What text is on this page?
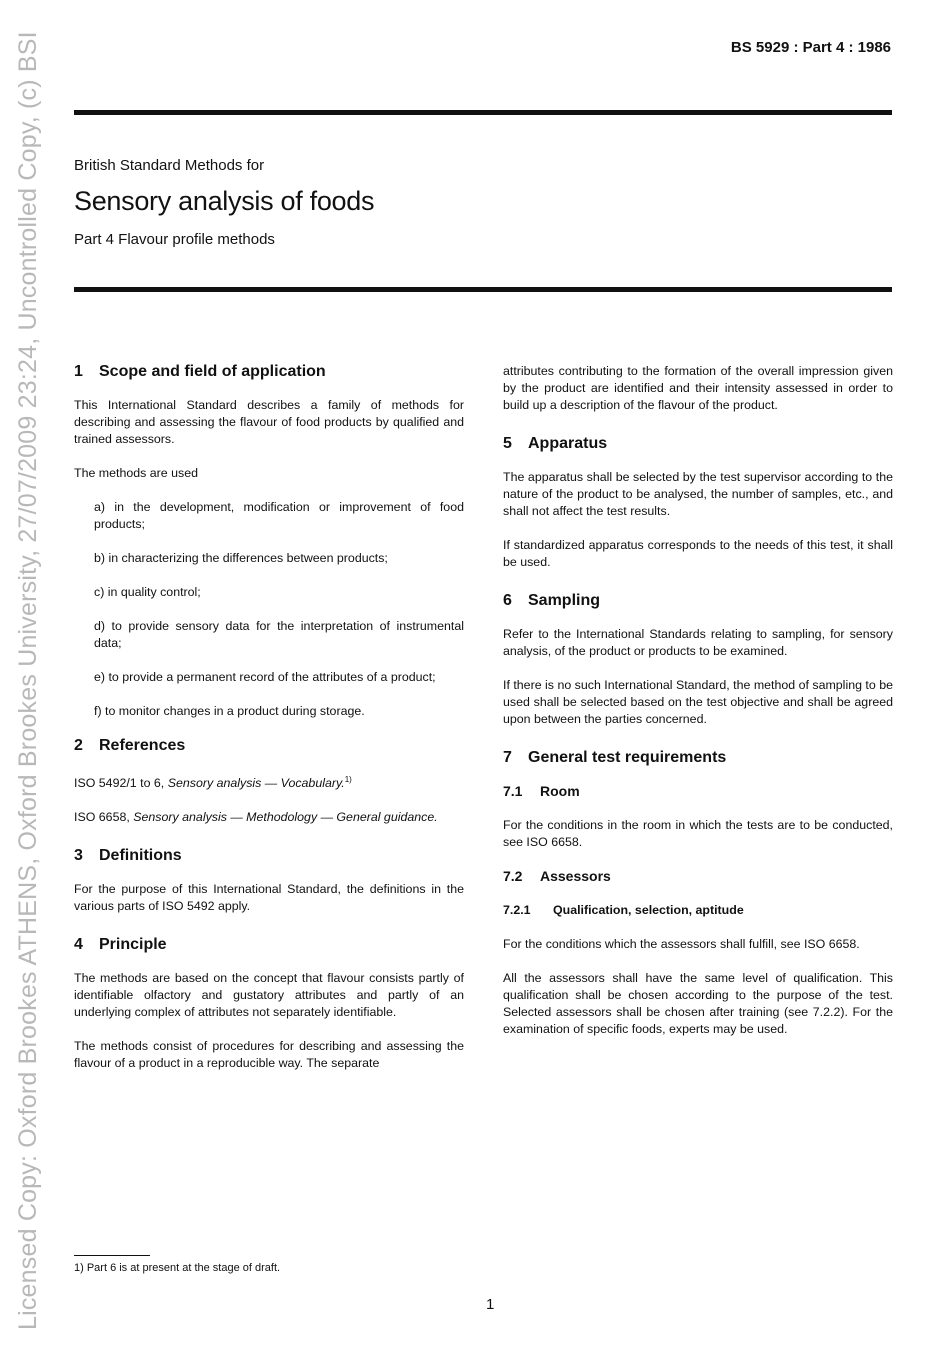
Licensed Copy: Oxford Brookes ATHENS, Oxford Brookes University, 27/07/2009 23:24, Uncontrolled Copy, (c) BSI	BS 5929 : Part 4 : 1986

British Standard Methods for

Sensory analysis of foods

Part 4 Flavour profile methods

1 Scope and field of application

This International Standard describes a family of methods for describing and assessing the flavour of food products by qualified and trained assessors.

The methods are used

a) in the development, modification or improvement of food products;
b) in characterizing the differences between products;
c) in quality control;
d) to provide sensory data for the interpretation of instrumental data;
e) to provide a permanent record of the attributes of a product;
f) to monitor changes in a product during storage.
2 References

ISO 5492/1 to 6, Sensory analysis — Vocabulary.$^{1)}$

ISO 6658, Sensory analysis — Methodology — General guidance.

3 Definitions

For the purpose of this International Standard, the definitions in the various parts of ISO 5492 apply.

4 Principle

The methods are based on the concept that flavour consists partly of identifiable olfactory and gustatory attributes and partly of an underlying complex of attributes not separately identifiable.

The methods consist of procedures for describing and assessing the flavour of a product in a reproducible way. The separate

attributes contributing to the formation of the overall impression given by the product are identified and their intensity assessed in order to build up a description of the flavour of the product.

5 Apparatus

The apparatus shall be selected by the test supervisor according to the nature of the product to be analysed, the number of samples, etc., and shall not affect the test results.

If standardized apparatus corresponds to the needs of this test, it shall be used.

6 Sampling

Refer to the International Standards relating to sampling, for sensory analysis, of the product or products to be examined.

If there is no such International Standard, the method of sampling to be used shall be selected based on the test objective and shall be agreed upon between the parties concerned.

7 General test requirements
7.1 Room

For the conditions in the room in which the tests are to be conducted, see ISO 6658.

7.2 Assessors
7.2.1 Qualification, selection, aptitude

For the conditions which the assessors shall fulfill, see ISO 6658.

All the assessors shall have the same level of qualification. This qualification shall be chosen according to the purpose of the test. Selected assessors shall be chosen after training (see 7.2.2). For the examination of specific foods, experts may be used.

1) Part 6 is at present at the stage of draft.
1
